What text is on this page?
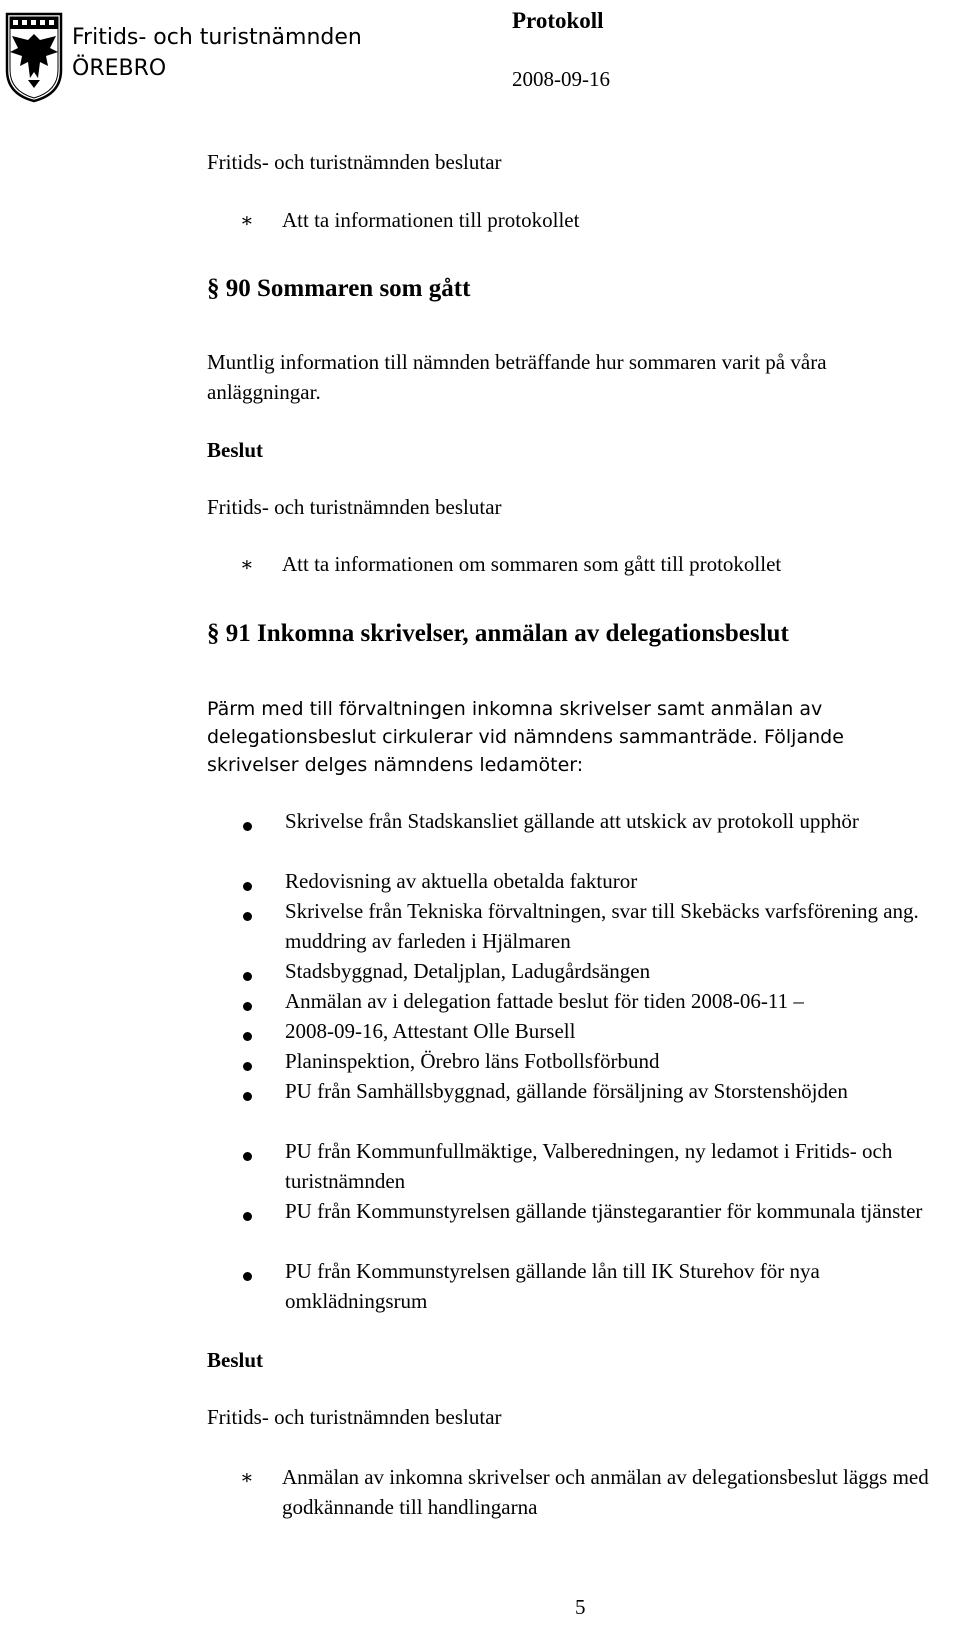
Fritids- och turistnämnden
ÖREBRO
Protokoll
2008-09-16
Fritids- och turistnämnden beslutar
∗ Att ta informationen till protokollet
§ 90 Sommaren som gått
Muntlig information till nämnden beträffande hur sommaren varit på våra anläggningar.
Beslut
Fritids- och turistnämnden beslutar
∗ Att ta informationen om sommaren som gått till protokollet
§ 91 Inkomna skrivelser, anmälan av delegationsbeslut
Pärm med till förvaltningen inkomna skrivelser samt anmälan av delegationsbeslut cirkulerar vid nämndens sammanträde. Följande skrivelser delges nämndens ledamöter:
Skrivelse från Stadskansliet gällande att utskick av protokoll upphör
Redovisning av aktuella obetalda fakturor
Skrivelse från Tekniska förvaltningen, svar till Skebäcks varfsförening ang. muddring av farleden i Hjälmaren
Stadsbyggnad, Detaljplan, Ladugårdsängen
Anmälan av i delegation fattade beslut för tiden 2008-06-11 –
2008-09-16, Attestant Olle Bursell
Planinspektion, Örebro läns Fotbollsförbund
PU från Samhällsbyggnad, gällande försäljning av Storstenshöjden
PU från Kommunfullmäktige, Valberedningen, ny ledamot i Fritids- och turistnämnden
PU från Kommunstyrelsen gällande tjänstegarantier för kommunala tjänster
PU från Kommunstyrelsen gällande lån till IK Sturehov för nya omklädningsrum
Beslut
Fritids- och turistnämnden beslutar
∗ Anmälan av inkomna skrivelser och anmälan av delegationsbeslut läggs med godkännande till handlingarna
5
